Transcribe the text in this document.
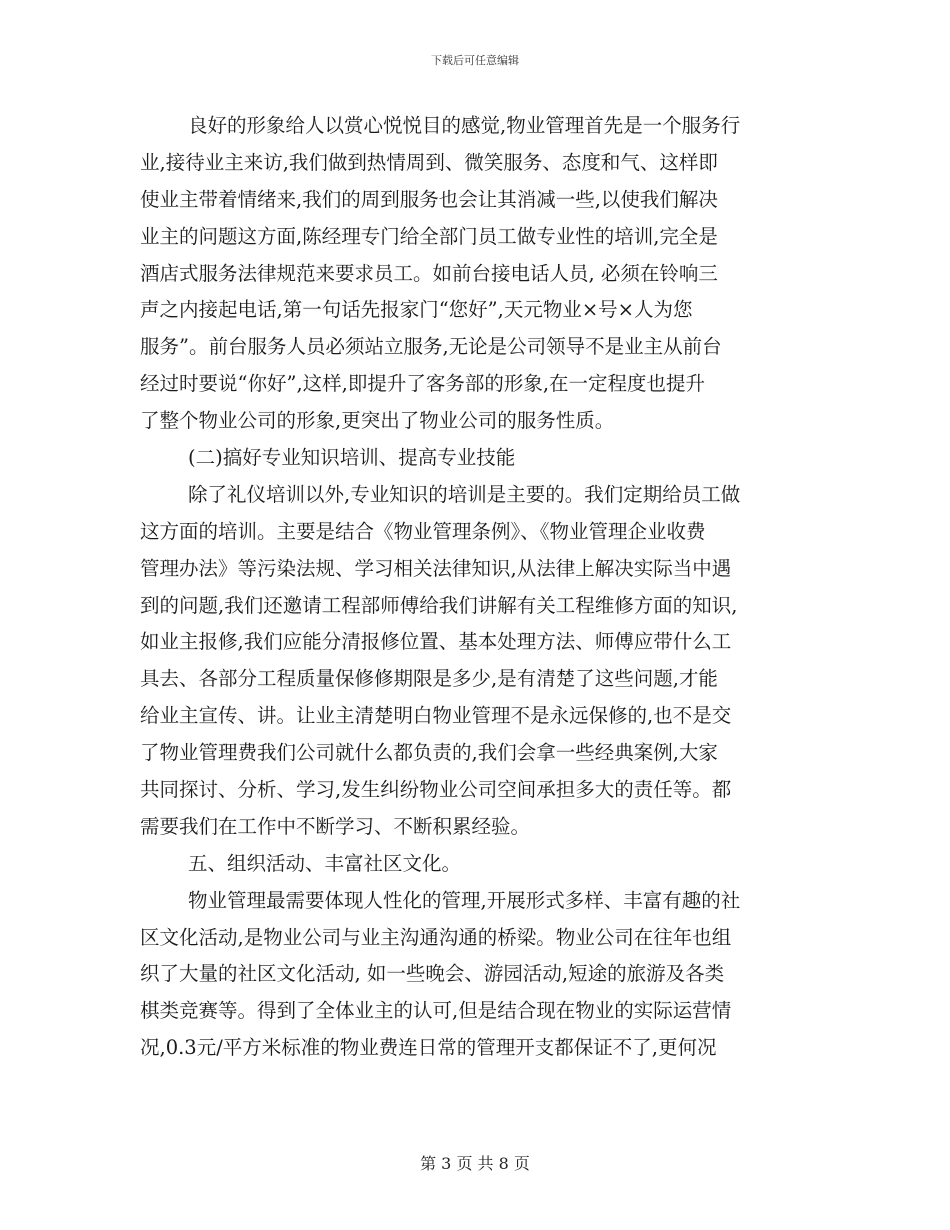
下载后可任意编辑
良好的形象给人以赏心悦悦目的感觉,物业管理首先是一个服务行
业,接待业主来访,我们做到热情周到、微笑服务、态度和气、这样即
使业主带着情绪来,我们的周到服务也会让其消减一些,以使我们解决
业主的问题这方面,陈经理专门给全部门员工做专业性的培训,完全是
酒店式服务法律规范来要求员工。如前台接电话人员, 必须在铃响三
声之内接起电话,第一句话先报家门“您好”,天元物业×号×人为您
服务”。前台服务人员必须站立服务,无论是公司领导不是业主从前台
经过时要说“你好”,这样,即提升了客务部的形象,在一定程度也提升
了整个物业公司的形象,更突出了物业公司的服务性质。
(二)搞好专业知识培训、提高专业技能
除了礼仪培训以外,专业知识的培训是主要的。我们定期给员工做
这方面的培训。主要是结合《物业管理条例》、《物业管理企业收费
管理办法》等污染法规、学习相关法律知识,从法律上解决实际当中遇
到的问题,我们还邀请工程部师傅给我们讲解有关工程维修方面的知识,
如业主报修,我们应能分清报修位置、基本处理方法、师傅应带什么工
具去、各部分工程质量保修修期限是多少,是有清楚了这些问题,才能
给业主宣传、讲。让业主清楚明白物业管理不是永远保修的,也不是交
了物业管理费我们公司就什么都负责的,我们会拿一些经典案例,大家
共同探讨、分析、学习,发生纠纷物业公司空间承担多大的责任等。都
需要我们在工作中不断学习、不断积累经验。
五、组织活动、丰富社区文化。
物业管理最需要体现人性化的管理,开展形式多样、丰富有趣的社
区文化活动,是物业公司与业主沟通沟通的桥梁。物业公司在往年也组
织了大量的社区文化活动, 如一些晚会、游园活动,短途的旅游及各类
棋类竞赛等。得到了全体业主的认可,但是结合现在物业的实际运营情
况,0.3元/平方米标准的物业费连日常的管理开支都保证不了,更何况
第 3 页 共 8 页
